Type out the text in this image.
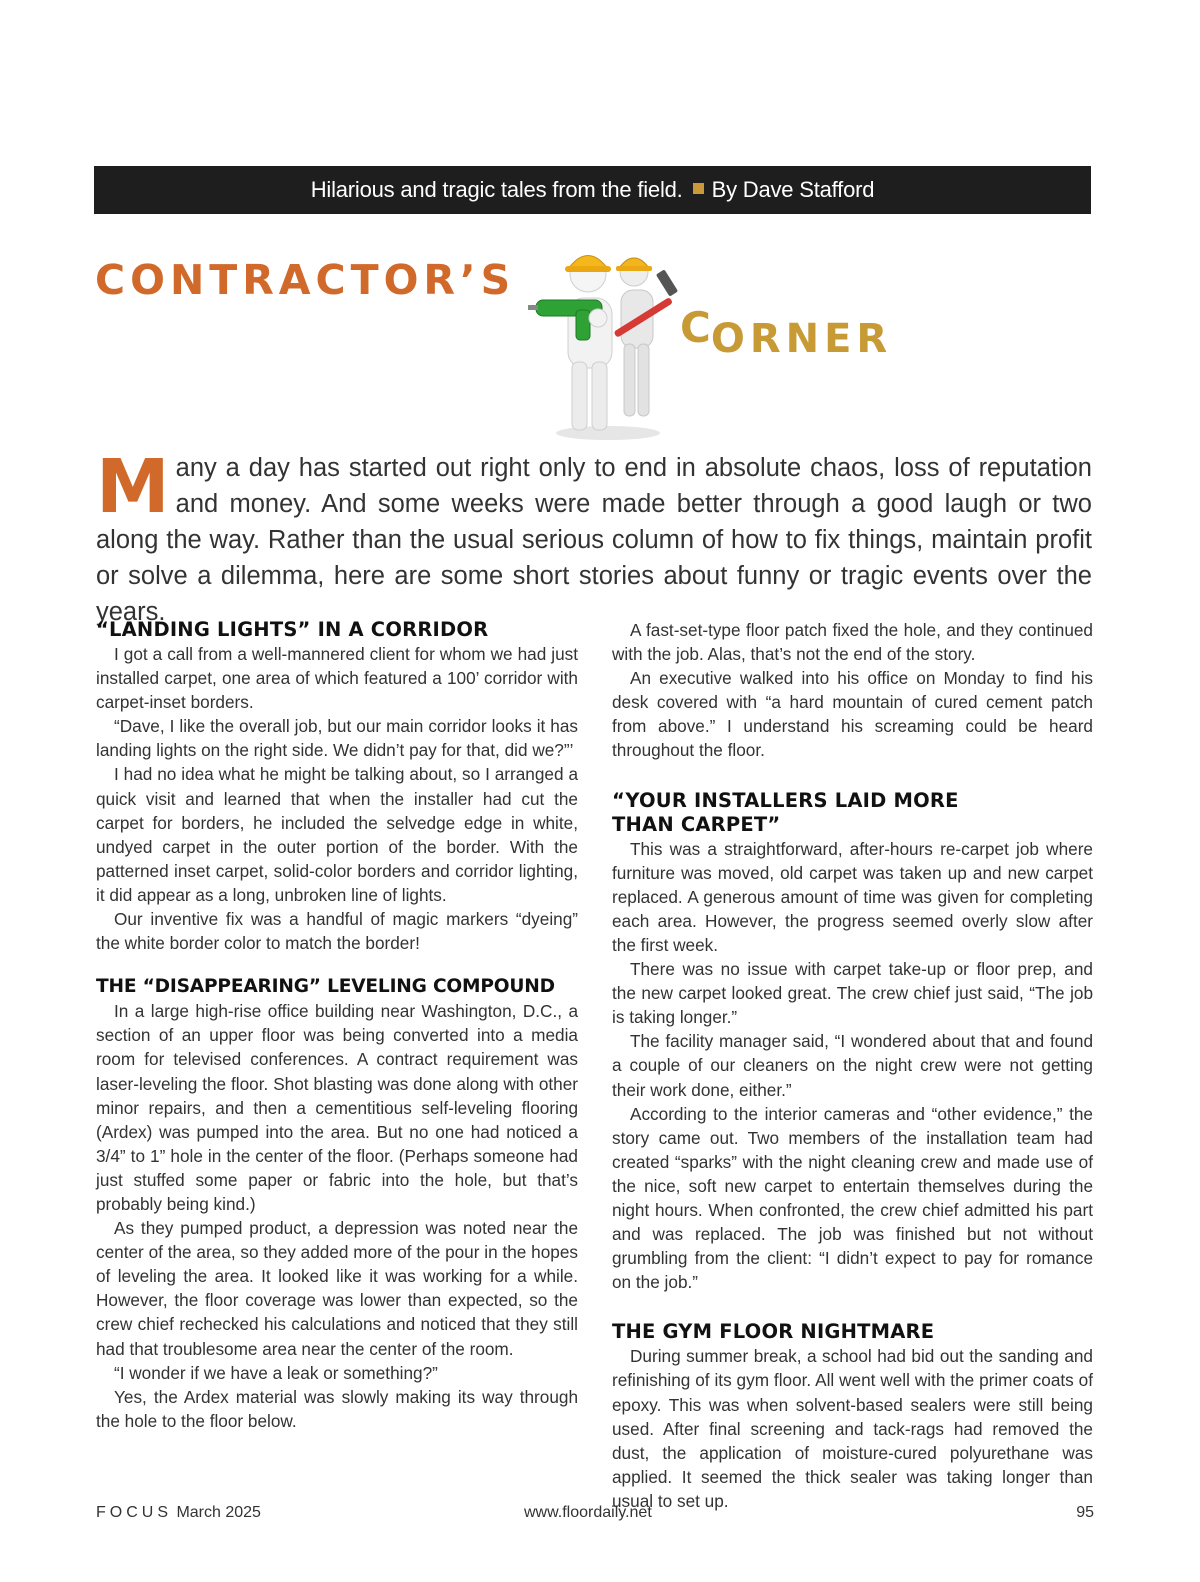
Hilarious and tragic tales from the field. By Dave Stafford
CONTRACTOR’S
CORNER
Many a day has started out right only to end in absolute chaos, loss of reputation and money. And some weeks were made better through a good laugh or two along the way. Rather than the usual serious column of how to fix things, maintain profit or solve a dilemma, here are some short stories about funny or tragic events over the years.
“LANDING LIGHTS” IN A CORRIDOR

I got a call from a well-mannered client for whom we had just installed carpet, one area of which featured a 100’ corridor with carpet-inset borders.

“Dave, I like the overall job, but our main corridor looks it has landing lights on the right side. We didn’t pay for that, did we?”’

I had no idea what he might be talking about, so I arranged a quick visit and learned that when the installer had cut the carpet for borders, he included the selvedge edge in white, undyed carpet in the outer portion of the border. With the patterned inset carpet, solid-color borders and corridor lighting, it did appear as a long, unbroken line of lights.

Our inventive fix was a handful of magic markers “dyeing” the white border color to match the border!

THE “DISAPPEARING” LEVELING COMPOUND

In a large high-rise office building near Washington, D.C., a section of an upper floor was being converted into a media room for televised conferences. A contract requirement was laser-leveling the floor. Shot blasting was done along with other minor repairs, and then a cementitious self-leveling flooring (Ardex) was pumped into the area. But no one had noticed a 3/4” to 1” hole in the center of the floor. (Perhaps someone had just stuffed some paper or fabric into the hole, but that’s probably being kind.)

As they pumped product, a depression was noted near the center of the area, so they added more of the pour in the hopes of leveling the area. It looked like it was working for a while. However, the floor coverage was lower than expected, so the crew chief rechecked his calculations and noticed that they still had that troublesome area near the center of the room.

“I wonder if we have a leak or something?”

Yes, the Ardex material was slowly making its way through the hole to the floor below.

A fast-set-type floor patch fixed the hole, and they continued with the job. Alas, that’s not the end of the story.

An executive walked into his office on Monday to find his desk covered with “a hard mountain of cured cement patch from above.” I understand his screaming could be heard throughout the floor.

“YOUR INSTALLERS LAID MORE
THAN CARPET”

This was a straightforward, after-hours re-carpet job where furniture was moved, old carpet was taken up and new carpet replaced. A generous amount of time was given for completing each area. However, the progress seemed overly slow after the first week.

There was no issue with carpet take-up or floor prep, and the new carpet looked great. The crew chief just said, “The job is taking longer.”

The facility manager said, “I wondered about that and found a couple of our cleaners on the night crew were not getting their work done, either.”

According to the interior cameras and “other evidence,” the story came out. Two members of the installation team had created “sparks” with the night cleaning crew and made use of the nice, soft new carpet to entertain themselves during the night hours. When confronted, the crew chief admitted his part and was replaced. The job was finished but not without grumbling from the client: “I didn’t expect to pay for romance on the job.”

THE GYM FLOOR NIGHTMARE

During summer break, a school had bid out the sanding and refinishing of its gym floor. All went well with the primer coats of epoxy. This was when solvent-based sealers were still being used. After final screening and tack-rags had removed the dust, the application of moisture-cured polyurethane was applied. It seemed the thick sealer was taking longer than usual to set up.

FOCUS March 2025	www.floordaily.net	95
